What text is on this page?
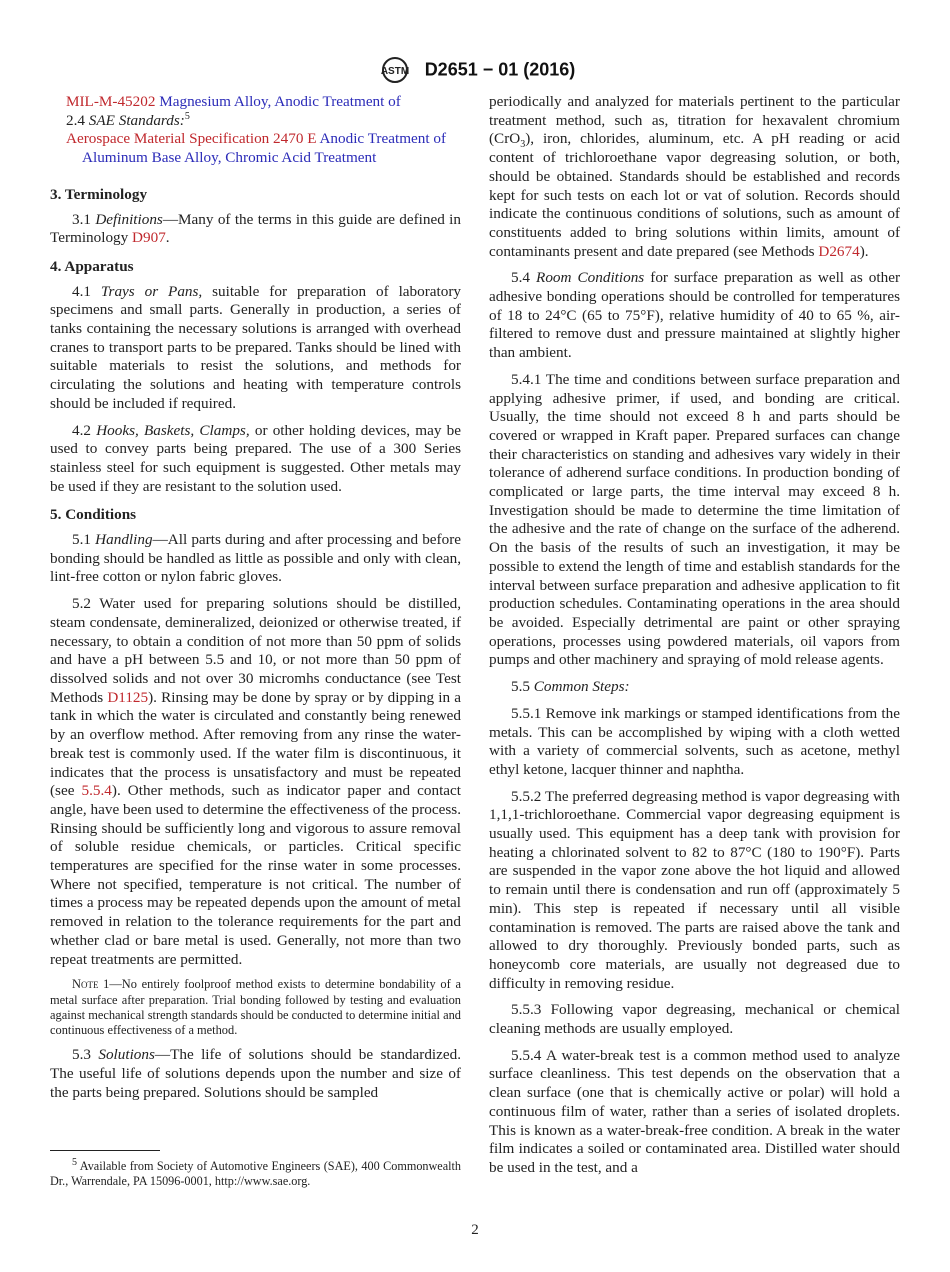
ASTM D2651 − 01 (2016)
MIL-M-45202 Magnesium Alloy, Anodic Treatment of
2.4 SAE Standards:$^5$
Aerospace Material Specification 2470 E Anodic Treatment of Aluminum Base Alloy, Chromic Acid Treatment
3. Terminology
3.1 Definitions—Many of the terms in this guide are defined in Terminology D907.
4. Apparatus
4.1 Trays or Pans, suitable for preparation of laboratory specimens and small parts. Generally in production, a series of tanks containing the necessary solutions is arranged with overhead cranes to transport parts to be prepared. Tanks should be lined with suitable materials to resist the solutions, and methods for circulating the solutions and heating with temperature controls should be included if required.
4.2 Hooks, Baskets, Clamps, or other holding devices, may be used to convey parts being prepared. The use of a 300 Series stainless steel for such equipment is suggested. Other metals may be used if they are resistant to the solution used.
5. Conditions
5.1 Handling—All parts during and after processing and before bonding should be handled as little as possible and only with clean, lint-free cotton or nylon fabric gloves.
5.2 Water used for preparing solutions should be distilled, steam condensate, demineralized, deionized or otherwise treated, if necessary, to obtain a condition of not more than 50 ppm of solids and have a pH between 5.5 and 10, or not more than 50 ppm of dissolved solids and not over 30 micromhs conductance (see Test Methods D1125). Rinsing may be done by spray or by dipping in a tank in which the water is circulated and constantly being renewed by an overflow method. After removing from any rinse the water-break test is commonly used. If the water film is discontinuous, it indicates that the process is unsatisfactory and must be repeated (see 5.5.4). Other methods, such as indicator paper and contact angle, have been used to determine the effectiveness of the process. Rinsing should be sufficiently long and vigorous to assure removal of soluble residue chemicals, or particles. Critical specific temperatures are specified for the rinse water in some processes. Where not specified, temperature is not critical. The number of times a process may be repeated depends upon the amount of metal removed in relation to the tolerance requirements for the part and whether clad or bare metal is used. Generally, not more than two repeat treatments are permitted.
Note 1—No entirely foolproof method exists to determine bondability of a metal surface after preparation. Trial bonding followed by testing and evaluation against mechanical strength standards should be conducted to determine initial and continuous effectiveness of a method.
5.3 Solutions—The life of solutions should be standardized. The useful life of solutions depends upon the number and size of the parts being prepared. Solutions should be sampled
periodically and analyzed for materials pertinent to the particular treatment method, such as, titration for hexavalent chromium (CrO$_3$), iron, chlorides, aluminum, etc. A pH reading or acid content of trichloroethane vapor degreasing solution, or both, should be obtained. Standards should be established and records kept for such tests on each lot or vat of solution. Records should indicate the continuous conditions of solutions, such as amount of constituents added to bring solutions within limits, amount of contaminants present and date prepared (see Methods D2674).
5.4 Room Conditions for surface preparation as well as other adhesive bonding operations should be controlled for temperatures of 18 to 24°C (65 to 75°F), relative humidity of 40 to 65 %, air-filtered to remove dust and pressure maintained at slightly higher than ambient.
5.4.1 The time and conditions between surface preparation and applying adhesive primer, if used, and bonding are critical. Usually, the time should not exceed 8 h and parts should be covered or wrapped in Kraft paper. Prepared surfaces can change their characteristics on standing and adhesives vary widely in their tolerance of adherend surface conditions. In production bonding of complicated or large parts, the time interval may exceed 8 h. Investigation should be made to determine the time limitation of the adhesive and the rate of change on the surface of the adherend. On the basis of the results of such an investigation, it may be possible to extend the length of time and establish standards for the interval between surface preparation and adhesive application to fit production schedules. Contaminating operations in the area should be avoided. Especially detrimental are paint or other spraying operations, processes using powdered materials, oil vapors from pumps and other machinery and spraying of mold release agents.
5.5 Common Steps:
5.5.1 Remove ink markings or stamped identifications from the metals. This can be accomplished by wiping with a cloth wetted with a variety of commercial solvents, such as acetone, methyl ethyl ketone, lacquer thinner and naphtha.
5.5.2 The preferred degreasing method is vapor degreasing with 1,1,1-trichloroethane. Commercial vapor degreasing equipment is usually used. This equipment has a deep tank with provision for heating a chlorinated solvent to 82 to 87°C (180 to 190°F). Parts are suspended in the vapor zone above the hot liquid and allowed to remain until there is condensation and run off (approximately 5 min). This step is repeated if necessary until all visible contamination is removed. The parts are raised above the tank and allowed to dry thoroughly. Previously bonded parts, such as honeycomb core materials, are usually not degreased due to difficulty in removing residue.
5.5.3 Following vapor degreasing, mechanical or chemical cleaning methods are usually employed.
5.5.4 A water-break test is a common method used to analyze surface cleanliness. This test depends on the observation that a clean surface (one that is chemically active or polar) will hold a continuous film of water, rather than a series of isolated droplets. This is known as a water-break-free condition. A break in the water film indicates a soiled or contaminated area. Distilled water should be used in the test, and a
$^5$ Available from Society of Automotive Engineers (SAE), 400 Commonwealth Dr., Warrendale, PA 15096-0001, http://www.sae.org.
2
